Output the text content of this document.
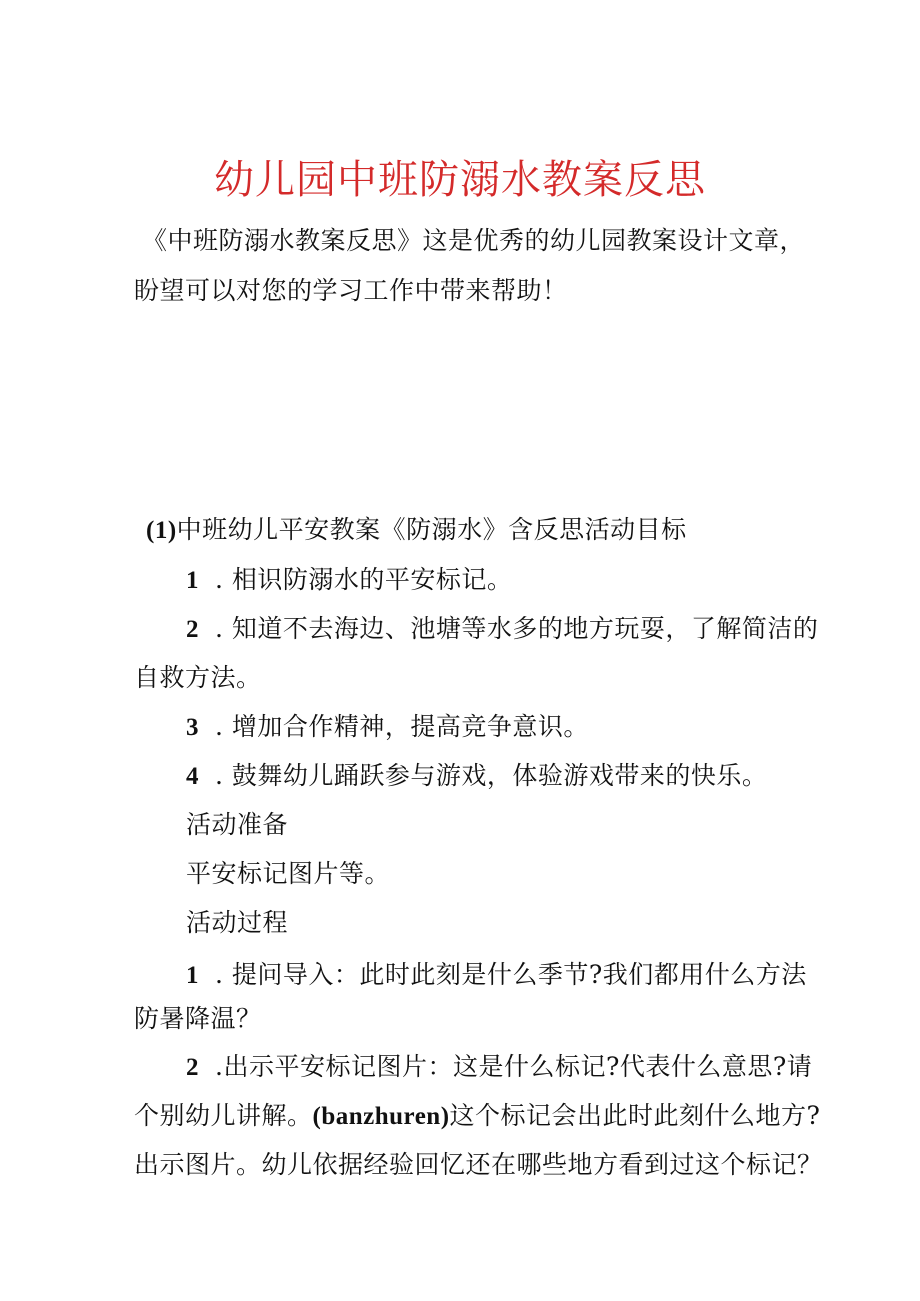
幼儿园中班防溺水教案反思
《中班防溺水教案反思》这是优秀的幼儿园教案设计文章，
盼望可以对您的学习工作中带来帮助！
(1)中班幼儿平安教案《防溺水》含反思活动目标
1 . 相识防溺水的平安标记。
2 . 知道不去海边、池塘等水多的地方玩耍，了解简洁的
自救方法。
3 . 增加合作精神，提高竞争意识。
4 . 鼓舞幼儿踊跃参与游戏，体验游戏带来的快乐。
活动准备
平安标记图片等。
活动过程
1 . 提问导入：此时此刻是什么季节?我们都用什么方法
防暑降温？
2 .出示平安标记图片：这是什么标记?代表什么意思?请
个别幼儿讲解。(banzhuren)这个标记会出此时此刻什么地方?
出示图片。幼儿依据经验回忆还在哪些地方看到过这个标记？
